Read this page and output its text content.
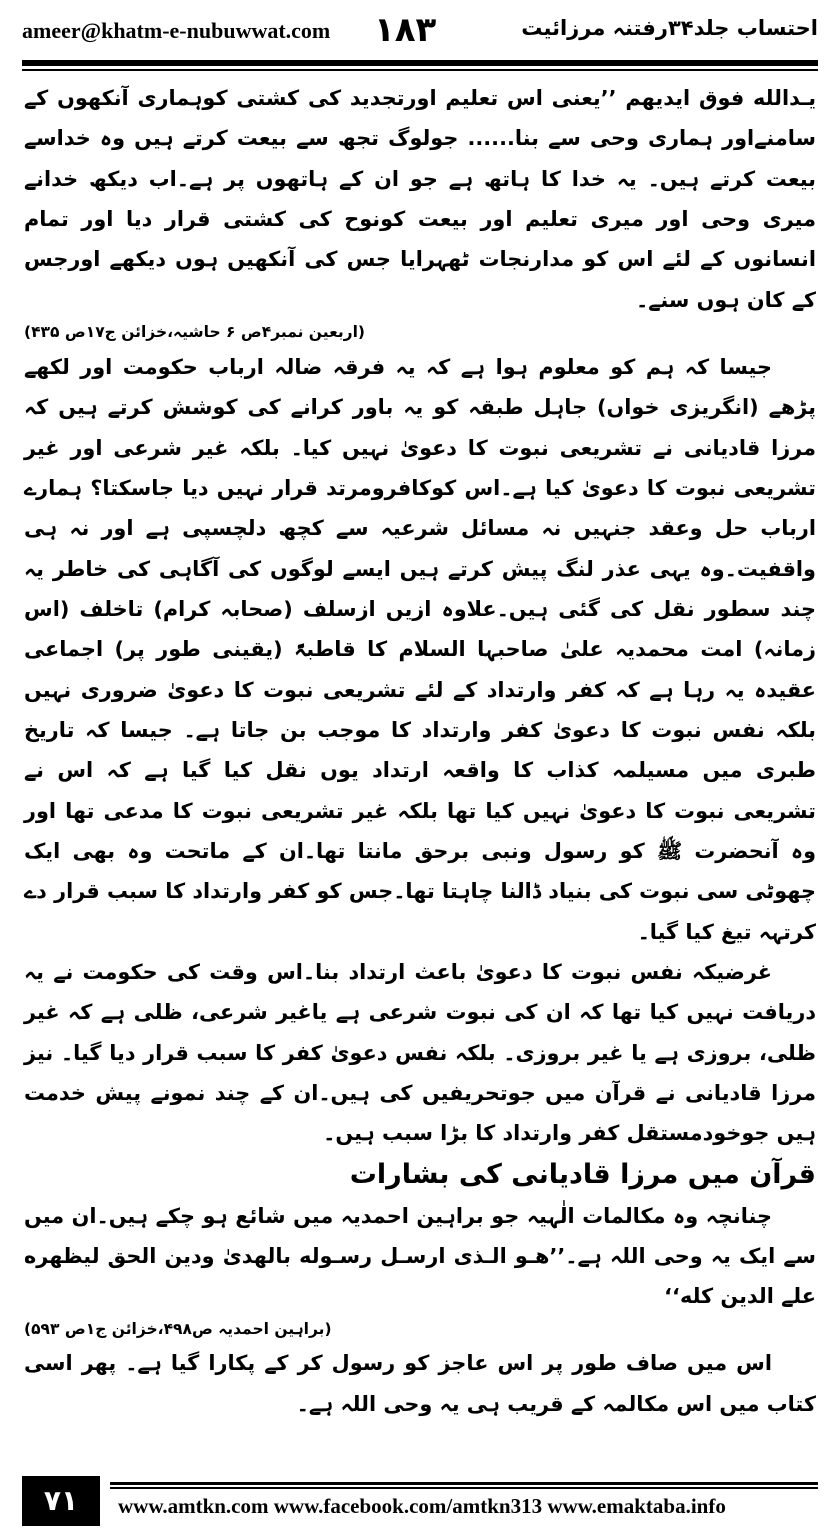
ameer@khatm-e-nubuwwat.com ۱۸۳	احتساب جلد۳۴رفتنہ مرزائیت

یـدالله فوق ایدیهم ’’یعنی اس تعلیم اورتجدید کی کشتی کوہماری آنکھوں کے سامنےاور ہماری وحی سے بنا...... جولوگ تجھ سے بیعت کرتے ہیں وہ خداسے بیعت کرتے ہیں۔ یہ خدا کا ہاتھ ہے جو ان کے ہاتھوں پر ہے۔اب دیکھ خدانے میری وحی اور میری تعلیم اور بیعت کونوح کی کشتی قرار دیا اور تمام انسانوں کے لئے اس کو مدارنجات ٹھہرایا جس کی آنکھیں ہوں دیکھے اورجس کے کان ہوں سنے۔

(اربعین نمبر۴ص ۶ حاشیہ،خزائن ج۱۷ص ۴۳۵)

جیسا کہ ہم کو معلوم ہوا ہے کہ یہ فرقہ ضالہ ارباب حکومت اور لکھے پڑھے (انگریزی خواں) جاہل طبقہ کو یہ باور کرانے کی کوشش کرتے ہیں کہ مرزا قادیانی نے تشریعی نبوت کا دعویٰ نہیں کیا۔ بلکہ غیر شرعی اور غیر تشریعی نبوت کا دعویٰ کیا ہے۔اس کوکافرومرتد قرار نہیں دیا جاسکتا؟ ہمارے ارباب حل وعقد جنہیں نہ مسائل شرعیہ سے کچھ دلچسپی ہے اور نہ ہی واقفیت۔وہ یہی عذر لنگ پیش کرتے ہیں ایسے لوگوں کی آگاہی کی خاطر یہ چند سطور نقل کی گئی ہیں۔علاوہ ازیں ازسلف (صحابہ کرام) تاخلف (اس زمانہ) امت محمدیہ علیٰ صاحبہا السلام کا قاطبۃً (یقینی طور پر) اجماعی عقیدہ یہ رہا ہے کہ کفر وارتداد کے لئے تشریعی نبوت کا دعویٰ ضروری نہیں بلکہ نفس نبوت کا دعویٰ کفر وارتداد کا موجب بن جاتا ہے۔ جیسا کہ تاریخ طبری میں مسیلمہ کذاب کا واقعہ ارتداد یوں نقل کیا گیا ہے کہ اس نے تشریعی نبوت کا دعویٰ نہیں کیا تھا بلکہ غیر تشریعی نبوت کا مدعی تھا اور وہ آنحضرت ﷺ کو رسول ونبی برحق مانتا تھا۔ان کے ماتحت وہ بھی ایک چھوٹی سی نبوت کی بنیاد ڈالنا چاہتا تھا۔جس کو کفر وارتداد کا سبب قرار دے کرتہہ تیغ کیا گیا۔

غرضیکہ نفس نبوت کا دعویٰ باعث ارتداد بنا۔اس وقت کی حکومت نے یہ دریافت نہیں کیا تھا کہ ان کی نبوت شرعی ہے یاغیر شرعی، ظلی ہے کہ غیر ظلی، بروزی ہے یا غیر بروزی۔ بلکہ نفس دعویٰ کفر کا سبب قرار دیا گیا۔ نیز مرزا قادیانی نے قرآن میں جوتحریفیں کی ہیں۔ان کے چند نمونے پیش خدمت ہیں جوخودمستقل کفر وارتداد کا بڑا سبب ہیں۔

قرآن میں مرزا قادیانی کی بشارات

چنانچہ وہ مکالمات الٰہیہ جو براہین احمدیہ میں شائع ہو چکے ہیں۔ان میں سے ایک یہ وحی اللہ ہے۔’’هـو الـذی ارسـل رسـوله بالهدیٰ ودین الحق لیظهره علے الدین كله‘‘

(براہین احمدیہ ص۴۹۸،خزائن ج۱ص ۵۹۳)

اس میں صاف طور پر اس عاجز کو رسول کر کے پکارا گیا ہے۔ پھر اسی کتاب میں اس مکالمہ کے قریب ہی یہ وحی اللہ ہے۔

۷۱	www.amtkn.com www.facebook.com/amtkn313 www.emaktaba.info
